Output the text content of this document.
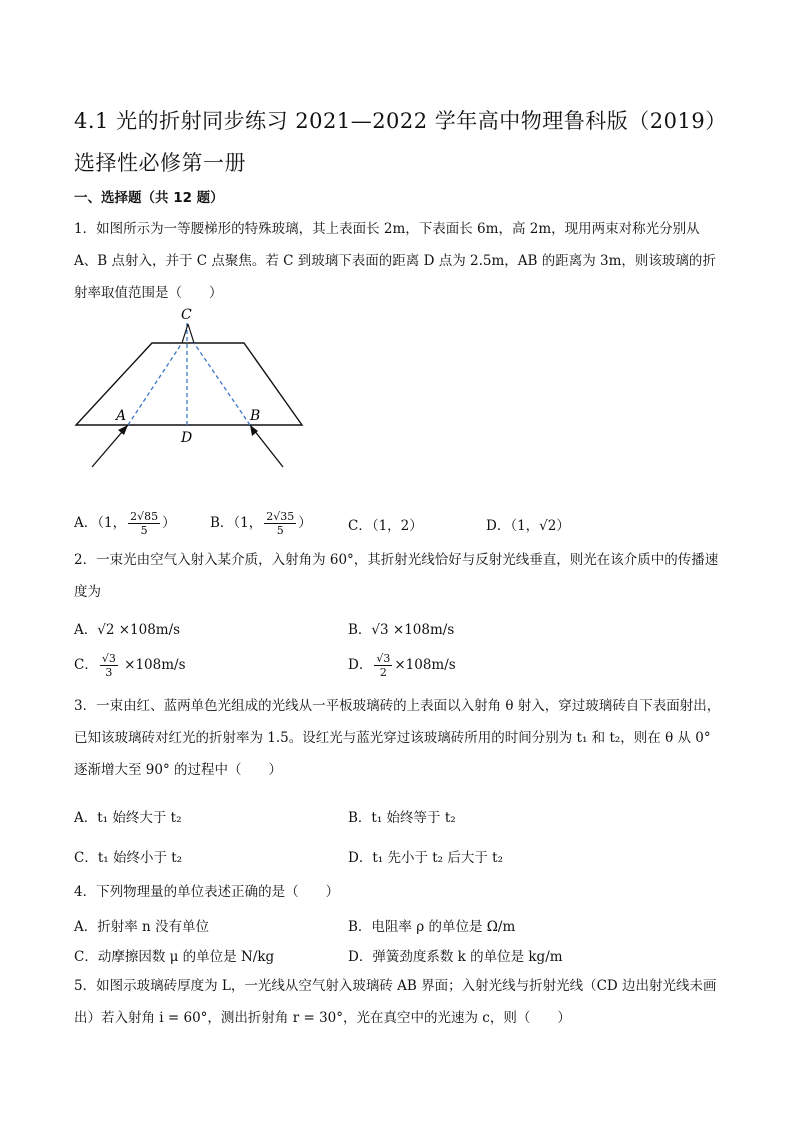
4.1 光的折射同步练习 2021—2022 学年高中物理鲁科版（2019）选择性必修第一册
一、选择题（共 12 题）
1．如图所示为一等腰梯形的特殊玻璃，其上表面长 2m，下表面长 6m，高 2m，现用两束对称光分别从 A、B 点射入，并于 C 点聚焦。若 C 到玻璃下表面的距离 D 点为 2.5m，AB 的距离为 3m，则该玻璃的折射率取值范围是（　　）
C
A	B
D
A．（1， $\frac{2√85}{5}$ ）	B．（1， $\frac{2√35}{5}$ ）	C．（1，2）	D．（1，√2）
2．一束光由空气入射入某介质，入射角为 60°，其折射光线恰好与反射光线垂直，则光在该介质中的传播速度为
A．√2 ×108m/s	B．√3 ×108m/s
C． $\frac{√3}{3} \times 108m/s$	D． $\frac{√3}{2} \times 108m/s$
3．一束由红、蓝两单色光组成的光线从一平板玻璃砖的上表面以入射角 θ 射入，穿过玻璃砖自下表面射出，已知该玻璃砖对红光的折射率为 1.5。设红光与蓝光穿过该玻璃砖所用的时间分别为 t₁ 和 t₂，则在 θ 从 0° 逐渐增大至 90° 的过程中（　　）
A．t₁ 始终大于 t₂	B．t₁ 始终等于 t₂
C．t₁ 始终小于 t₂	D．t₁ 先小于 t₂ 后大于 t₂
4．下列物理量的单位表述正确的是（　　）
A．折射率 n 没有单位	B．电阻率 ρ 的单位是 Ω/m
C．动摩擦因数 μ 的单位是 N/kg	D．弹簧劲度系数 k 的单位是 kg/m
5．如图示玻璃砖厚度为 L，一光线从空气射入玻璃砖 AB 界面；入射光线与折射光线（CD 边出射光线未画出）若入射角 i = 60°，测出折射角 r = 30°，光在真空中的光速为 c，则（　　）
